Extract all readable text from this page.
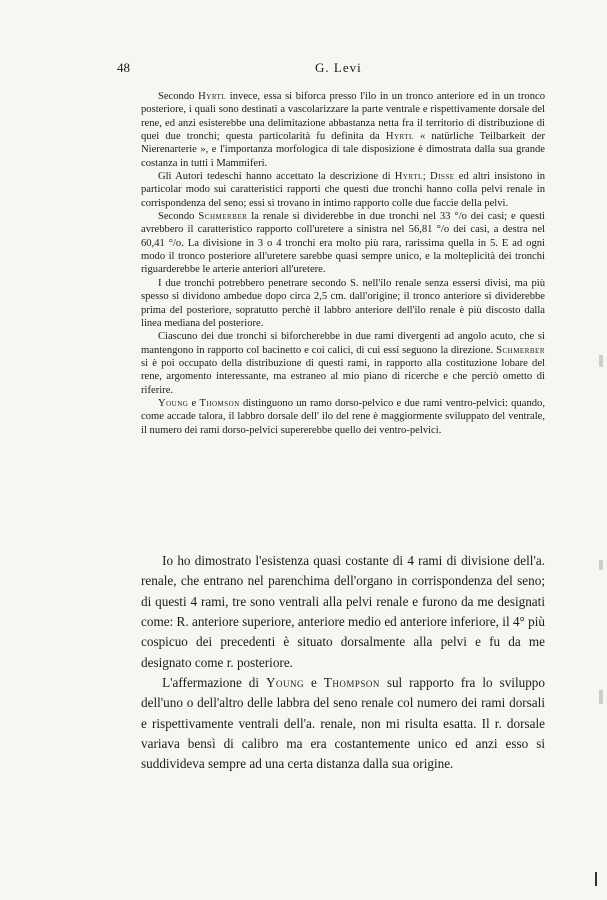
48	G. Levi

Secondo Hyrtl invece, essa si biforca presso l'ilo in un tronco anteriore ed in un tronco posteriore, i quali sono destinati a vascolarizzare la parte ventrale e rispettivamente dorsale del rene, ed anzi esisterebbe una delimitazione abbastanza netta fra il territorio di distribuzione di quei due tronchi; questa particolarità fu definita da Hyrtl « natürliche Teilbarkeit der Nierenarterie », e l'importanza morfologica di tale disposizione è dimostrata dalla sua grande costanza in tutti i Mammiferi.

Gli Autori tedeschi hanno accettato la descrizione di Hyrtl; Disse ed altri insistono in particolar modo sui caratteristici rapporti che questi due tronchi hanno colla pelvi renale in corrispondenza del seno; essi si trovano in intimo rapporto colle due faccie della pelvi.

Secondo Schmerber la renale si dividerebbe in due tronchi nel 33 °/o dei casi; e questi avrebbero il caratteristico rapporto coll'uretere a sinistra nel 56,81 °/o dei casi, a destra nel 60,41 °/o. La divisione in 3 o 4 tronchi era molto più rara, rarissima quella in 5. E ad ogni modo il tronco posteriore all'uretere sarebbe quasi sempre unico, e la molteplicità dei tronchi riguarderebbe le arterie anteriori all'uretere.

I due tronchi potrebbero penetrare secondo S. nell'ilo renale senza essersi divisi, ma più spesso si dividono ambedue dopo circa 2,5 cm. dall'origine; il tronco anteriore si dividerebbe prima del posteriore, sopratutto perchè il labbro anteriore dell'ilo renale è più discosto dalla linea mediana del posteriore.

Ciascuno dei due tronchi si biforcherebbe in due rami divergenti ad angolo acuto, che si mantengono in rapporto col bacinetto e coi calici, di cui essi seguono la direzione. Schmerber si è poi occupato della distribuzione di questi rami, in rapporto alla costituzione lobare del rene, argomento interessante, ma estraneo al mio piano di ricerche e che perciò ometto di riferire.

Young e Thomson distinguono un ramo dorso-pelvico e due rami ventro-pelvici: quando, come accade talora, il labbro dorsale dell' ilo del rene è maggiormente sviluppato del ventrale, il numero dei rami dorso-pelvici supererebbe quello dei ventro-pelvici.

Io ho dimostrato l'esistenza quasi costante di 4 rami di divisione dell'a. renale, che entrano nel parenchima dell'organo in corrispondenza del seno; di questi 4 rami, tre sono ventrali alla pelvi renale e furono da me designati come: R. anteriore superiore, anteriore medio ed anteriore inferiore, il 4° più cospicuo dei precedenti è situato dorsalmente alla pelvi e fu da me designato come r. posteriore.

L'affermazione di Young e Thompson sul rapporto fra lo sviluppo dell'uno o dell'altro delle labbra del seno renale col numero dei rami dorsali e rispettivamente ventrali dell'a. renale, non mi risulta esatta. Il r. dorsale variava bensì di calibro ma era costantemente unico ed anzi esso si suddivideva sempre ad una certa distanza dalla sua origine.
